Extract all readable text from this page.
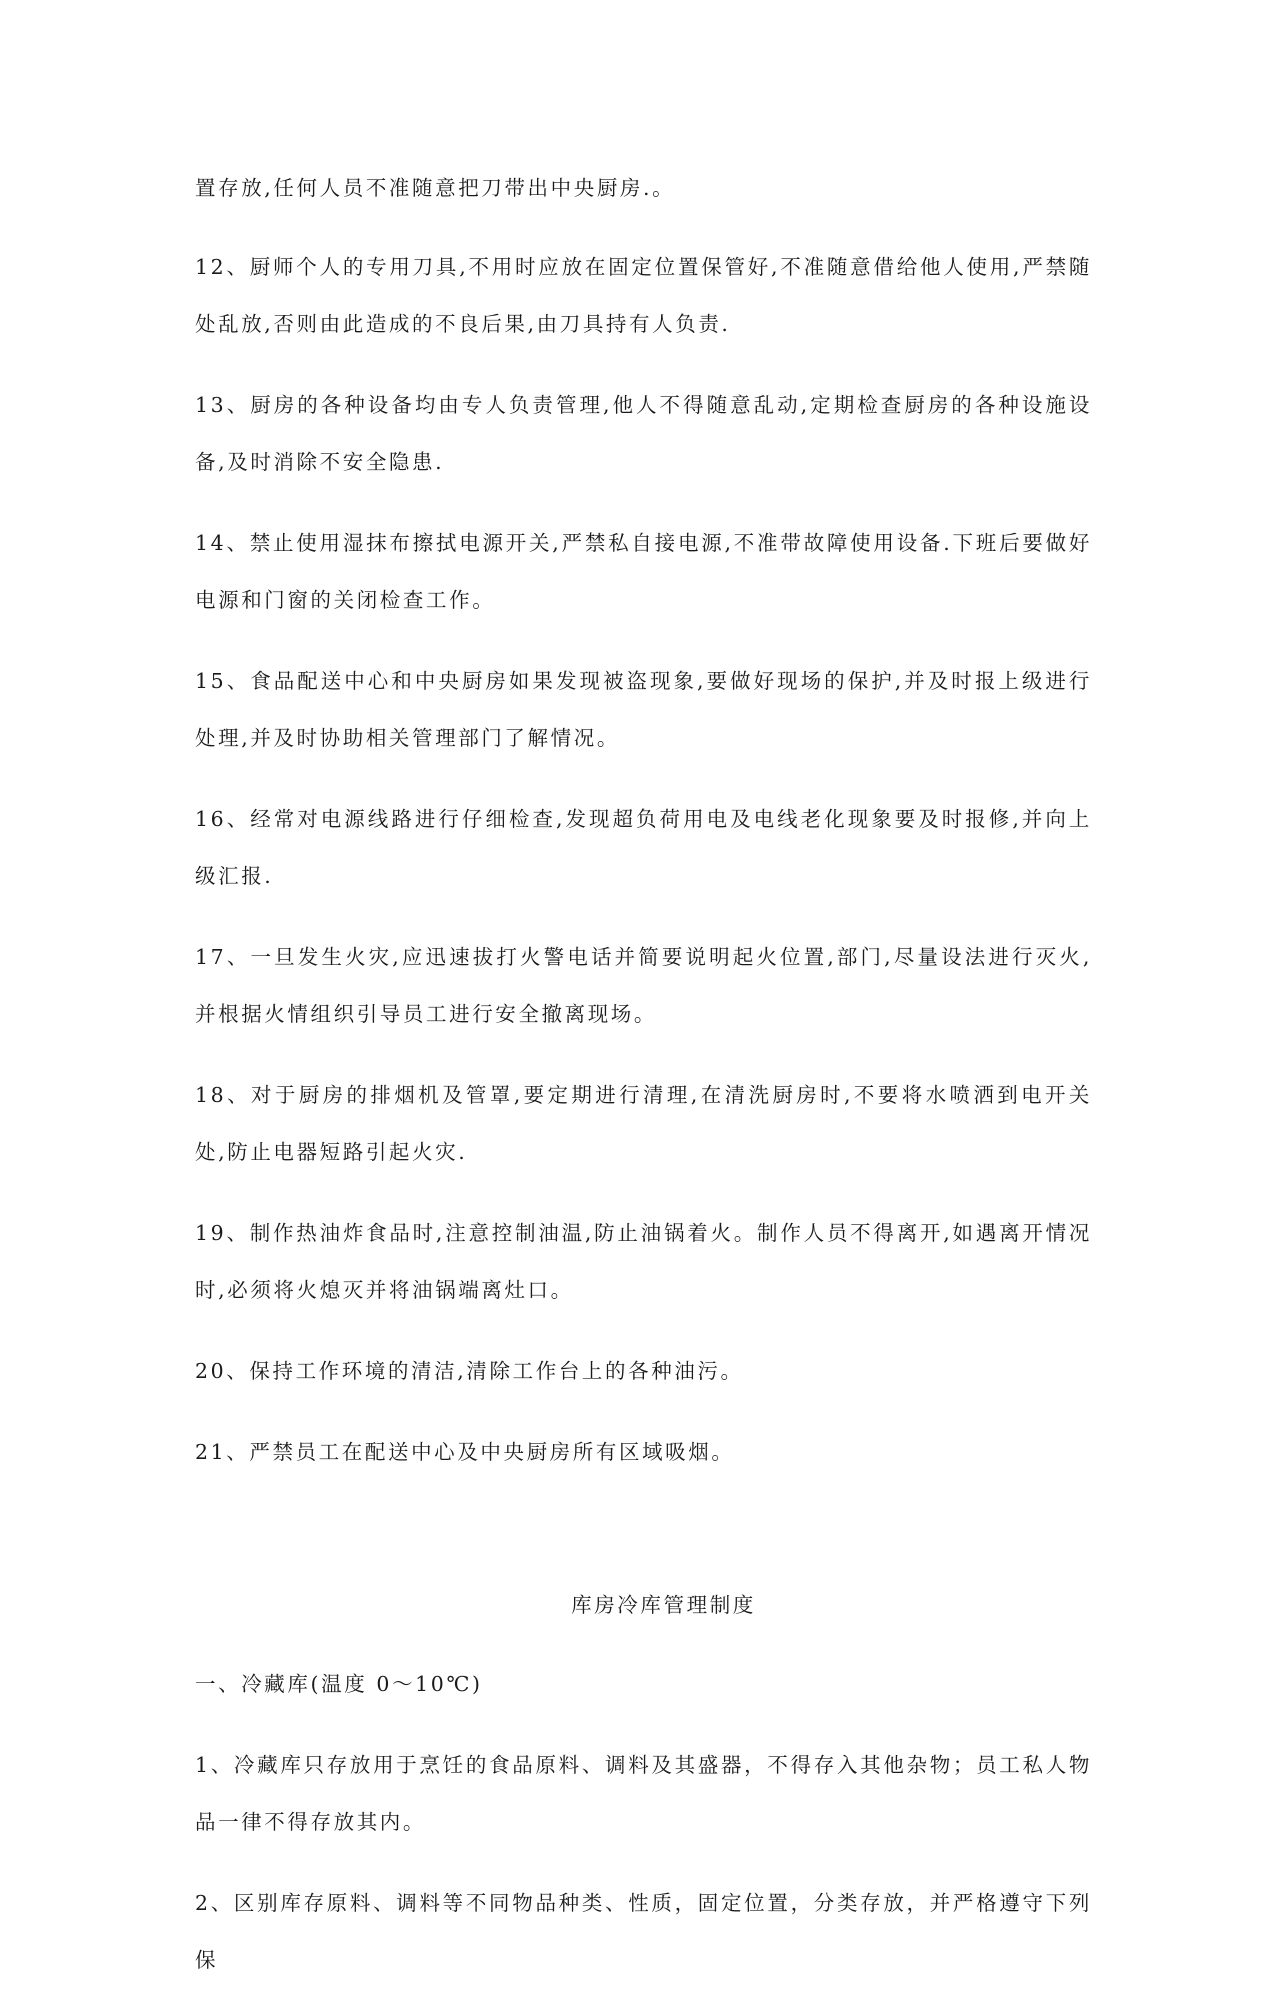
置存放,任何人员不准随意把刀带出中央厨房.。

12、厨师个人的专用刀具,不用时应放在固定位置保管好,不准随意借给他人使用,严禁随处乱放,否则由此造成的不良后果,由刀具持有人负责.

13、厨房的各种设备均由专人负责管理,他人不得随意乱动,定期检查厨房的各种设施设备,及时消除不安全隐患.

14、禁止使用湿抹布擦拭电源开关,严禁私自接电源,不准带故障使用设备.下班后要做好电源和门窗的关闭检查工作。

15、食品配送中心和中央厨房如果发现被盗现象,要做好现场的保护,并及时报上级进行处理,并及时协助相关管理部门了解情况。

16、经常对电源线路进行仔细检查,发现超负荷用电及电线老化现象要及时报修,并向上级汇报.

17、一旦发生火灾,应迅速拔打火警电话并简要说明起火位置,部门,尽量设法进行灭火,并根据火情组织引导员工进行安全撤离现场。

18、对于厨房的排烟机及管罩,要定期进行清理,在清洗厨房时,不要将水喷洒到电开关处,防止电器短路引起火灾.

19、制作热油炸食品时,注意控制油温,防止油锅着火。制作人员不得离开,如遇离开情况时,必须将火熄灭并将油锅端离灶口。

20、保持工作环境的清洁,清除工作台上的各种油污。

21、严禁员工在配送中心及中央厨房所有区域吸烟。

库房冷库管理制度

一、冷藏库(温度 0～10℃)

1、冷藏库只存放用于烹饪的食品原料、调料及其盛器，不得存入其他杂物；员工私人物品一律不得存放其内。

2、区别库存原料、调料等不同物品种类、性质，固定位置，分类存放，并严格遵守下列保
